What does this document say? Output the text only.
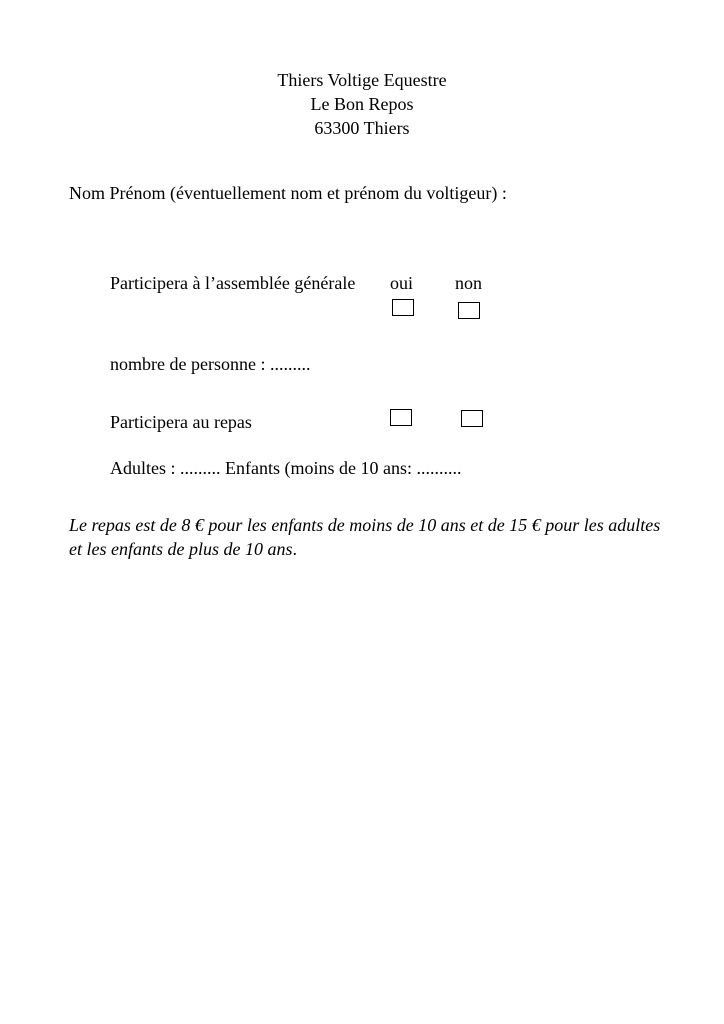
Thiers Voltige Equestre
Le Bon Repos
63300 Thiers
Nom Prénom (éventuellement nom et prénom du voltigeur) :
Participera à l’assemblée générale oui non
nombre de personne : .........
Participera au repas
Adultes : ......... Enfants (moins de 10 ans: ..........
Le repas est de 8 € pour les enfants de moins de 10 ans et de 15 € pour les adultes et les enfants de plus de 10 ans.
